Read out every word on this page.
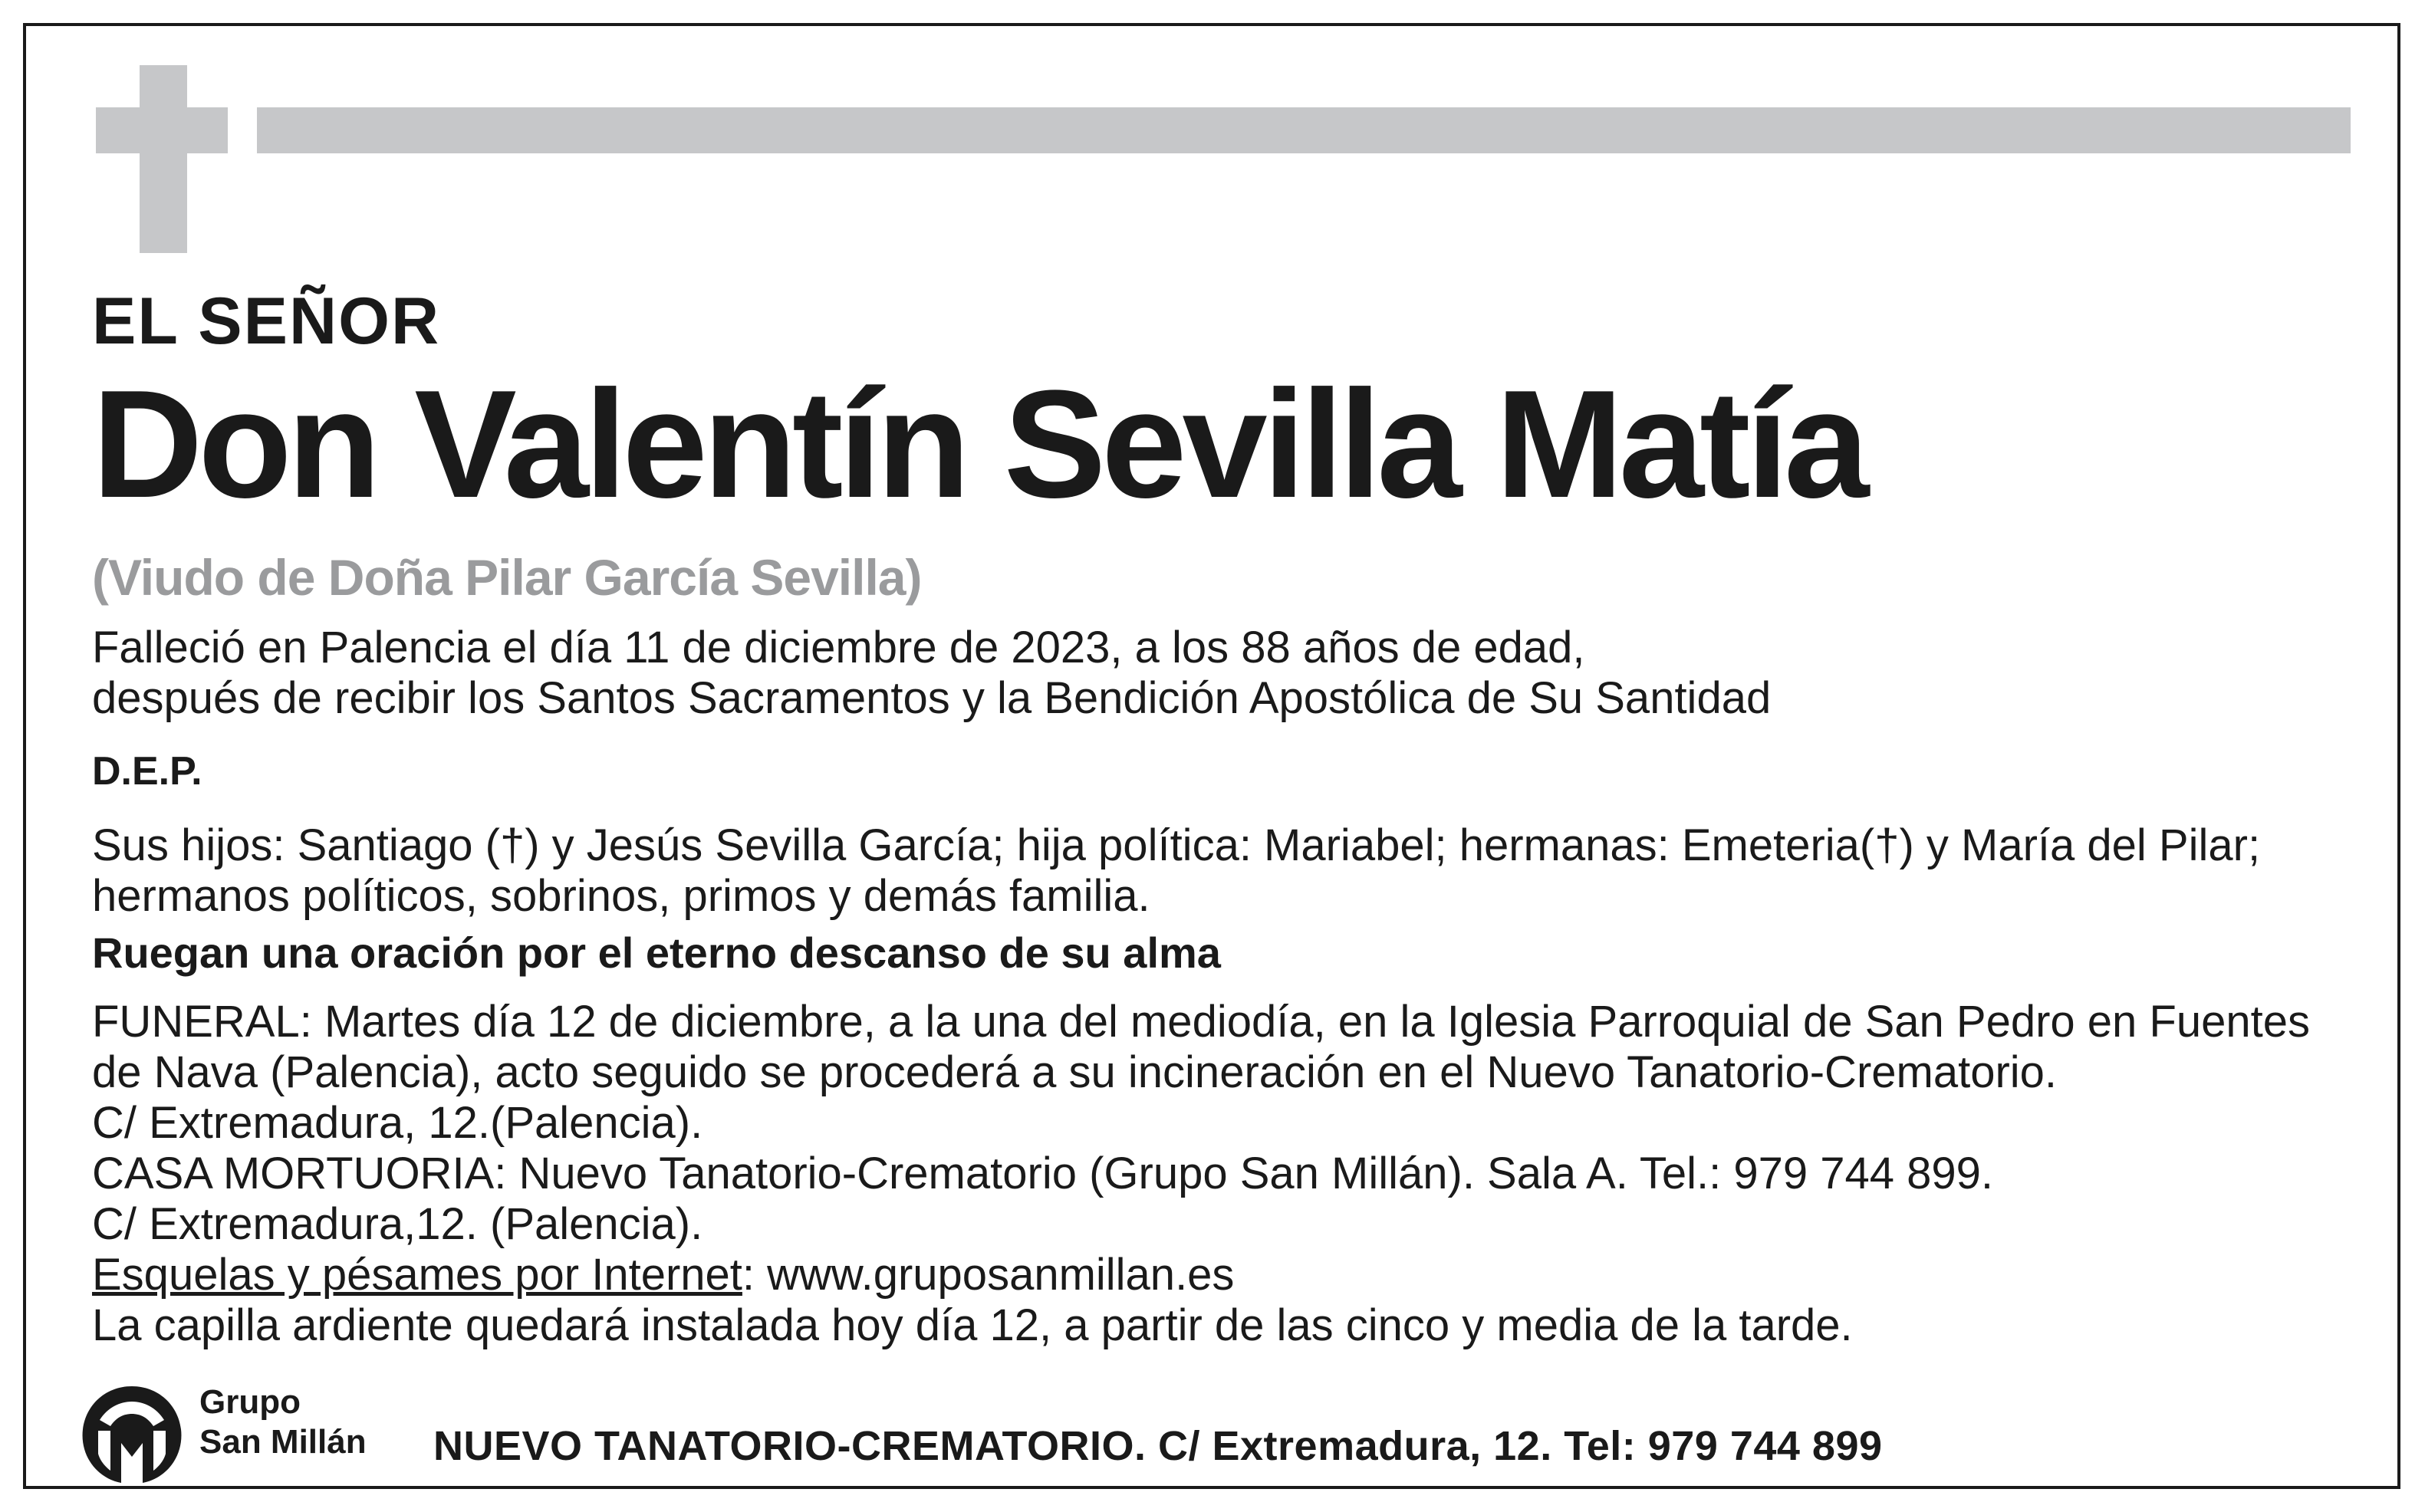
EL SEÑOR
Don Valentín Sevilla Matía
(Viudo de Doña Pilar García Sevilla)
Falleció en Palencia el día 11 de diciembre de 2023, a los 88 años de edad,
después de recibir los Santos Sacramentos y la Bendición Apostólica de Su Santidad
D.E.P.
Sus hijos: Santiago (†) y Jesús Sevilla García; hija política: Mariabel; hermanas: Emeteria(†) y María del Pilar;
hermanos políticos, sobrinos, primos y demás familia.
Ruegan una oración por el eterno descanso de su alma
FUNERAL: Martes día 12 de diciembre, a la una del mediodía, en la Iglesia Parroquial de San Pedro en Fuentes
de Nava (Palencia), acto seguido se procederá a su incineración en el Nuevo Tanatorio-Crematorio.
C/ Extremadura, 12.(Palencia).
CASA MORTUORIA: Nuevo Tanatorio-Crematorio (Grupo San Millán). Sala A. Tel.: 979 744 899.
C/ Extremadura,12. (Palencia).
Esquelas y pésames por Internet: www.gruposanmillan.es
La capilla ardiente quedará instalada hoy día 12, a partir de las cinco y media de la tarde.
Grupo
San Millán NUEVO TANATORIO-CREMATORIO. C/ Extremadura, 12. Tel: 979 744 899
